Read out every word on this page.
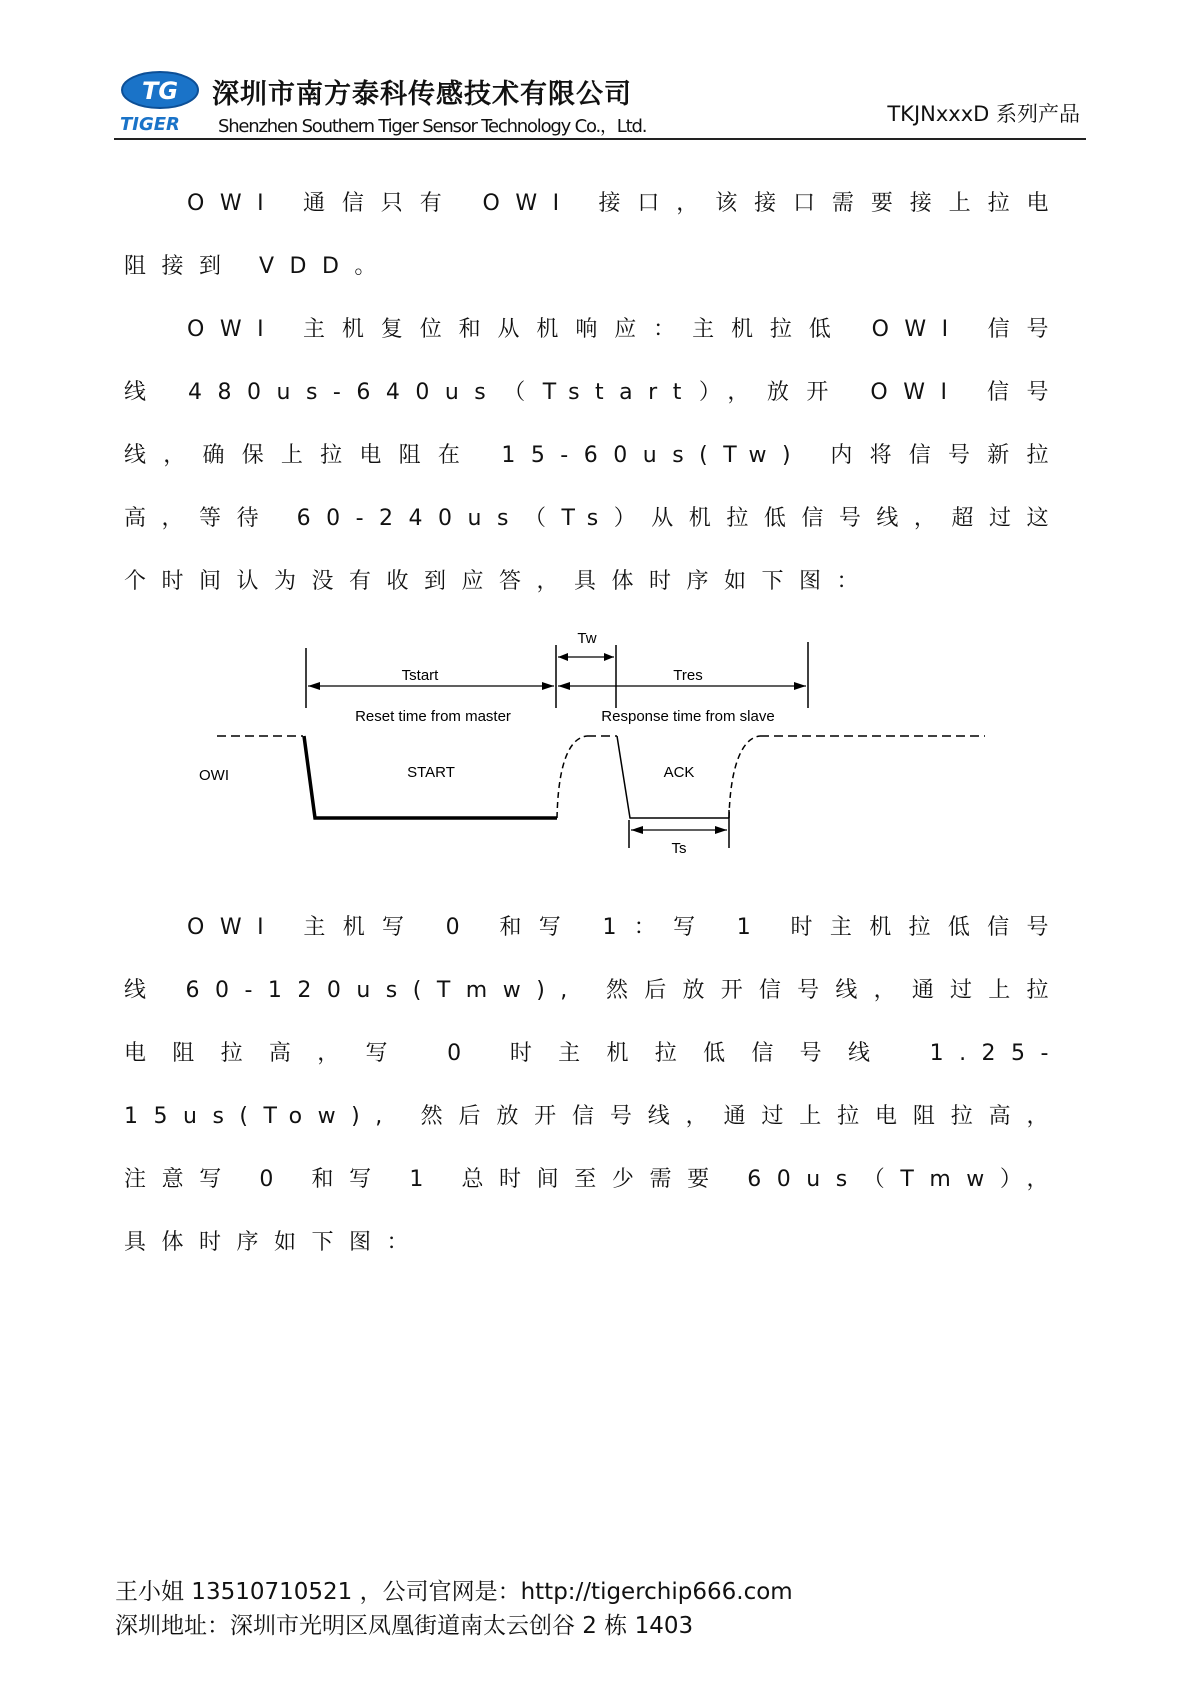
TG
TIGER
深圳市南方泰科传感技术有限公司
Shenzhen Southern Tiger Sensor Technology Co.，Ltd.
TKJNxxxD 系列产品

OWI 通信只有 OWI 接口，该接口需要接上拉电阻接到 VDD。

OWI 主机复位和从机响应：主机拉低 OWI 信号线 480us-640us（Tstart），放开 OWI 信号线，确保上拉电阻在 15-60us(Tw) 内将信号新拉高，等待 60-240us（Ts）从机拉低信号线，超过这个时间认为没有收到应答，具体时序如下图：

Tw
Tstart	Tres
Reset time from master	Response time from slave
Ts
OWI	START	ACK

OWI 主机写 0 和写 1：写 1 时主机拉低信号线 60-120us(Tmw), 然后放开信号线，通过上拉电阻拉高，写 0 时主机拉低信号线 1.25-15us(Tow), 然后放开信号线，通过上拉电阻拉高，注意写 0 和写 1 总时间至少需要 60us（Tmw），具体时序如下图：

王小姐 13510710521 ，公司官网是：http://tigerchip666.com
深圳地址：深圳市光明区凤凰街道南太云创谷 2 栋 1403
